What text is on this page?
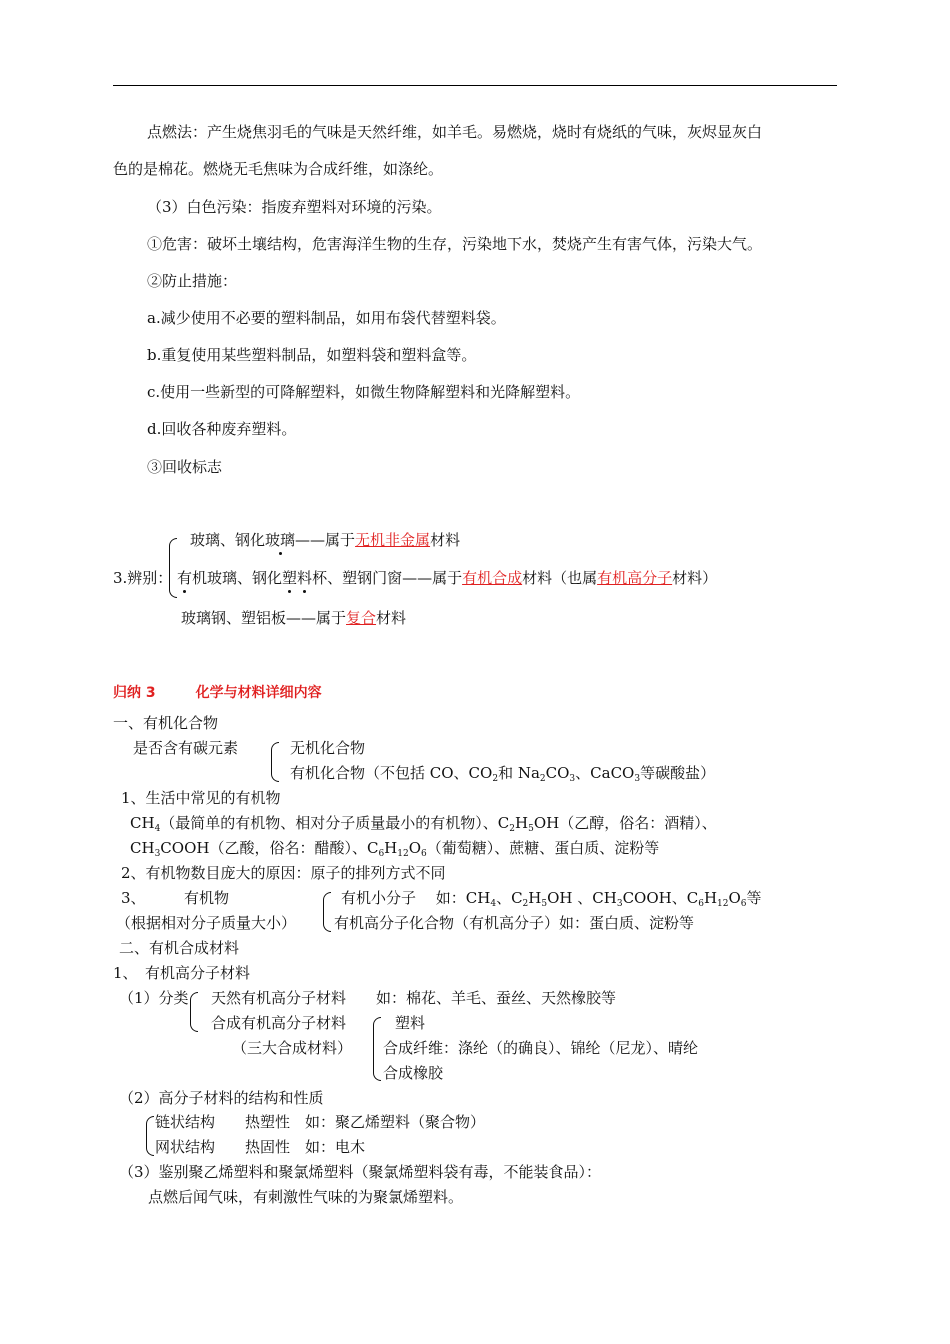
点燃法：产生烧焦羽毛的气味是天然纤维，如羊毛。易燃烧，烧时有烧纸的气味，灰烬显灰白
色的是棉花。燃烧无毛焦味为合成纤维，如涤纶。
（3）白色污染：指废弃塑料对环境的污染。
①危害：破坏土壤结构，危害海洋生物的生存，污染地下水，焚烧产生有害气体，污染大气。
②防止措施：
a.减少使用不必要的塑料制品，如用布袋代替塑料袋。
b.重复使用某些塑料制品，如塑料袋和塑料盒等。
c.使用一些新型的可降解塑料，如微生物降解塑料和光降解塑料。
d.回收各种废弃塑料。
③回收标志
3.辨别：
玻璃、钢化玻璃——属于无机非金属材料
有机玻璃、钢化塑料杯、塑钢门窗——属于有机合成材料（也属有机高分子材料）
玻璃钢、塑铝板——属于复合材料
归纳 3	化学与材料详细内容
一、有机化合物
是否含有碳元素	无机化合物
有机化合物（不包括 CO、$CO_2$和 $Na_2CO_3$、CaCO$_3$等碳酸盐）
1、生活中常见的有机物
$CH_4$（最简单的有机物、相对分子质量最小的有机物）、$C_2H_5OH$（乙醇，俗名：酒精）、
$CH_3COOH$（乙酸，俗名：醋酸）、$C_6H_{12}O_6$（葡萄糖）、蔗糖、蛋白质、淀粉等
2、有机物数目庞大的原因：原子的排列方式不同
3、	有机物
（根据相对分子质量大小）
有机小分子　 如：$CH_4$、$C_2H_5OH$ 、$CH_3COOH$、$C_6H_{12}O_6$等
有机高分子化合物（有机高分子）如：蛋白质、淀粉等
二、有机合成材料
1、　有机高分子材料
（1）分类 天然有机高分子材料　　如：棉花、羊毛、蚕丝、天然橡胶等
合成有机高分子材料
（三大合成材料）
塑料
合成纤维：涤纶（的确良）、锦纶（尼龙）、晴纶
合成橡胶
（2）高分子材料的结构和性质
链状结构　　热塑性　如：聚乙烯塑料（聚合物）
网状结构　　热固性　如：电木
（3）鉴别聚乙烯塑料和聚氯烯塑料（聚氯烯塑料袋有毒，不能装食品）：
点燃后闻气味，有刺激性气味的为聚氯烯塑料。
